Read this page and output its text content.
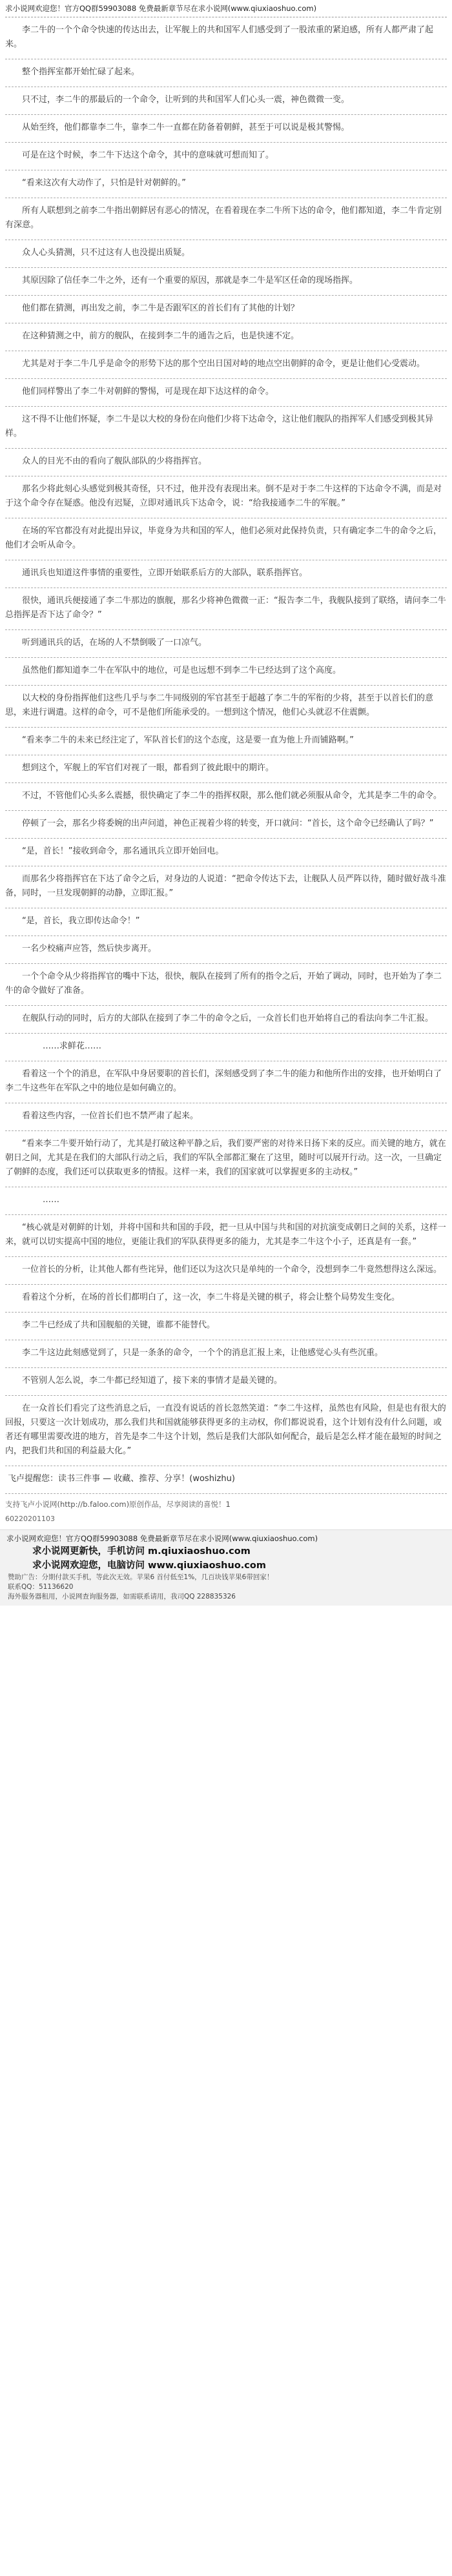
求小说网欢迎您！官方QQ群59903088 免费最新章节尽在求小说网(www.qiuxiaoshuo.com)

李二牛的一个个命令快速的传达出去，让军舰上的共和国军人们感受到了一股浓重的紧迫感，所有人都严肃了起来。

整个指挥室都开始忙碌了起来。

只不过，李二牛的那最后的一个命令，让听到的共和国军人们心头一震，神色微微一变。

从始至终，他们都靠李二牛，靠李二牛一直都在防备着朝鲜，甚至于可以说是极其警惕。

可是在这个时候，李二牛下达这个命令，其中的意味就可想而知了。

“看来这次有大动作了，只怕是针对朝鲜的。”

所有人联想到之前李二牛指出朝鲜居有恶心的情况，在看着现在李二牛所下达的命令，他们都知道，李二牛肯定别有深意。

众人心头猜测，只不过这有人也没提出质疑。

其原因除了信任李二牛之外，还有一个重要的原因，那就是李二牛是军区任命的现场指挥。

他们都在猜测，再出发之前，李二牛是否跟军区的首长们有了其他的计划？

在这种猜测之中，前方的舰队，在接到李二牛的通告之后，也是快速不定。

尤其是对于李二牛几乎是命令的形势下达的那个空出日国对峙的地点空出朝鲜的命令，更是让他们心受震动。

他们同样警出了李二牛对朝鲜的警惕，可是现在却下达这样的命令。

这不得不让他们怀疑，李二牛是以大校的身份在向他们少将下达命令，这让他们舰队的指挥军人们感受到极其异样。

众人的目光不由的看向了舰队部队的少将指挥官。

那名少将此刻心头感觉到极其奇怪，只不过，他并没有表现出来。倒不是对于李二牛这样的下达命令不满，而是对于这个命令存在疑惑。他没有迟疑，立即对通讯兵下达命令，说：“给我接通李二牛的军舰。”

在场的军官都没有对此提出异议，毕竟身为共和国的军人，他们必须对此保持负责，只有确定李二牛的命令之后，他们才会听从命令。

通讯兵也知道这件事情的重要性，立即开始联系后方的大部队，联系指挥官。

很快，通讯兵便接通了李二牛那边的旗舰，那名少将神色微微一正：“报告李二牛，我舰队接到了联络，请问李二牛总指挥是否下达了命令？”

听到通讯兵的话，在场的人不禁倒吸了一口凉气。

虽然他们都知道李二牛在军队中的地位，可是也远想不到李二牛已经达到了这个高度。

以大校的身份指挥他们这些几乎与李二牛同级别的军官甚至于超越了李二牛的军衔的少将，甚至于以首长们的意思，来进行调遣。这样的命令，可不是他们所能承受的。一想到这个情况，他们心头就忍不住震颤。

“看来李二牛的未来已经注定了，军队首长们的这个态度，这是要一直为他上升而铺路啊。”

想到这个，军舰上的军官们对视了一眼，都看到了彼此眼中的期许。

不过，不管他们心头多么震撼，很快确定了李二牛的指挥权限，那么他们就必须服从命令，尤其是李二牛的命令。

停顿了一会，那名少将委婉的出声问道，神色正视着少将的转变，开口就问：“首长，这个命令已经确认了吗？”

“是，首长！”接收到命令，那名通讯兵立即开始回电。

而那名少将指挥官在下达了命令之后，对身边的人说道：“把命令传达下去，让舰队人员严阵以待，随时做好战斗准备，同时，一旦发现朝鲜的动静，立即汇报。”

“是，首长，我立即传达命令！”

一名少校痛声应答，然后快步离开。

一个个命令从少将指挥官的嘴中下达，很快，舰队在接到了所有的指令之后，开始了调动，同时，也开始为了李二牛的命令做好了准备。

在舰队行动的同时，后方的大部队在接到了李二牛的命令之后，一众首长们也开始将自己的看法向李二牛汇报。

……求鲜花……

看着这一个个的消息，在军队中身居要职的首长们，深刻感受到了李二牛的能力和他所作出的安排，也开始明白了李二牛这些年在军队之中的地位是如何确立的。

看着这些内容，一位首长们也不禁严肃了起来。

“看来李二牛要开始行动了，尤其是打破这种平静之后，我们要严密的对待米日扬下来的反应。而关键的地方，就在朝日之间，尤其是在我们的大部队行动之后，我们的军队全部都汇聚在了这里，随时可以展开行动。这一次，一旦确定了朝鲜的态度，我们还可以获取更多的情报。这样一来，我们的国家就可以掌握更多的主动权。”

……

“核心就是对朝鲜的计划，并将中国和共和国的手段，把一旦从中国与共和国的对抗演变成朝日之间的关系，这样一来，就可以切实提高中国的地位，更能让我们的军队获得更多的能力，尤其是李二牛这个小子，还真是有一套。”

一位首长的分析，让其他人都有些诧异，他们还以为这次只是单纯的一个命令，没想到李二牛竟然想得这么深远。

看着这个分析，在场的首长们都明白了，这一次，李二牛将是关键的棋子，将会让整个局势发生变化。

李二牛已经成了共和国舰船的关键，谁都不能替代。

李二牛这边此刻感觉到了，只是一条条的命令，一个个的消息汇报上来，让他感觉心头有些沉重。

不管别人怎么说，李二牛都已经知道了，接下来的事情才是最关键的。

在一众首长们看完了这些消息之后，一直没有说话的首长忽然笑道：“李二牛这样，虽然也有风险，但是也有很大的回报，只要这一次计划成功，那么我们共和国就能够获得更多的主动权，你们都说说看，这个计划有没有什么问题，或者还有哪里需要改进的地方，首先是李二牛这个计划，然后是我们大部队如何配合，最后是怎么样才能在最短的时间之内，把我们共和国的利益最大化。”

飞卢提醒您：读书三件事 — 收藏、推荐、分享！(woshizhu)

支持飞卢小说网(http://b.faloo.com)原创作品，尽享阅读的喜悦！1
60220201103
求小说网欢迎您！官方QQ群59903088 免费最新章节尽在求小说网(www.qiuxiaoshuo.com)
求小说网更新快，手机访问 m.qiuxiaoshuo.com
求小说网欢迎您，电脑访问 www.qiuxiaoshuo.com
赞助广告：分期付款买手机，等此次无效。苹果6 首付低至1%，几百块钱苹果6带回家！
联系QQ：51136620
海外服务器租用，小说网查询服务器，如需联系请用，我司QQ 228835326
